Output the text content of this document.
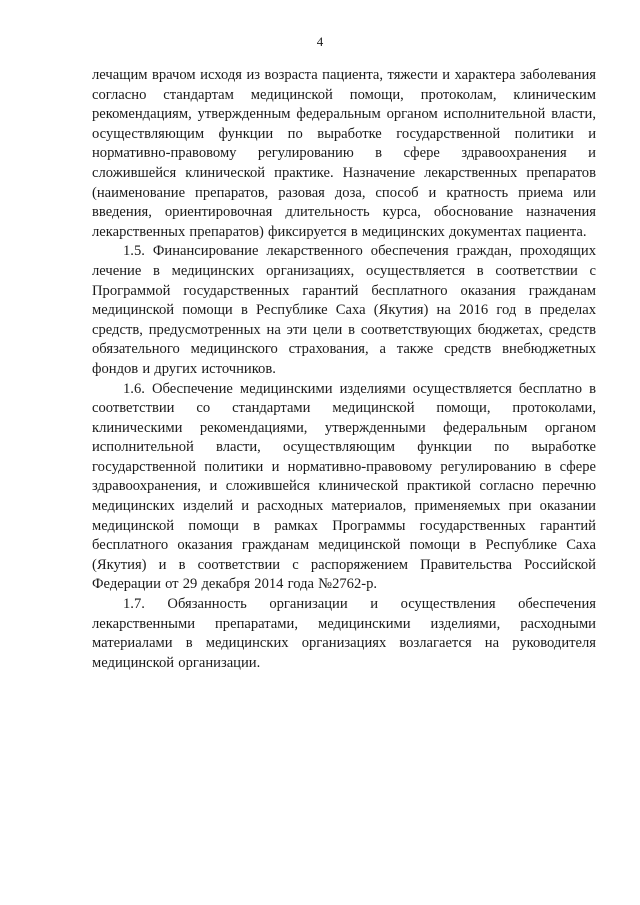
4

лечащим врачом исходя из возраста пациента, тяжести и характера заболевания согласно стандартам медицинской помощи, протоколам, клиническим рекомендациям, утвержденным федеральным органом исполнительной власти, осуществляющим функции по выработке государственной политики и нормативно-правовому регулированию в сфере здравоохранения и сложившейся клинической практике. Назначение лекарственных препаратов (наименование препаратов, разовая доза, способ и кратность приема или введения, ориентировочная длительность курса, обоснование назначения лекарственных препаратов) фиксируется в медицинских документах пациента.

1.5. Финансирование лекарственного обеспечения граждан, проходящих лечение в медицинских организациях, осуществляется в соответствии с Программой государственных гарантий бесплатного оказания гражданам медицинской помощи в Республике Саха (Якутия) на 2016 год в пределах средств, предусмотренных на эти цели в соответствующих бюджетах, средств обязательного медицинского страхования, а также средств внебюджетных фондов и других источников.

1.6. Обеспечение медицинскими изделиями осуществляется бесплатно в соответствии со стандартами медицинской помощи, протоколами, клиническими рекомендациями, утвержденными федеральным органом исполнительной власти, осуществляющим функции по выработке государственной политики и нормативно-правовому регулированию в сфере здравоохранения, и сложившейся клинической практикой согласно перечню медицинских изделий и расходных материалов, применяемых при оказании медицинской помощи в рамках Программы государственных гарантий бесплатного оказания гражданам медицинской помощи в Республике Саха (Якутия) и в соответствии с распоряжением Правительства Российской Федерации от 29 декабря 2014 года №2762-р.

1.7. Обязанность организации и осуществления обеспечения лекарственными препаратами, медицинскими изделиями, расходными материалами в медицинских организациях возлагается на руководителя медицинской организации.
